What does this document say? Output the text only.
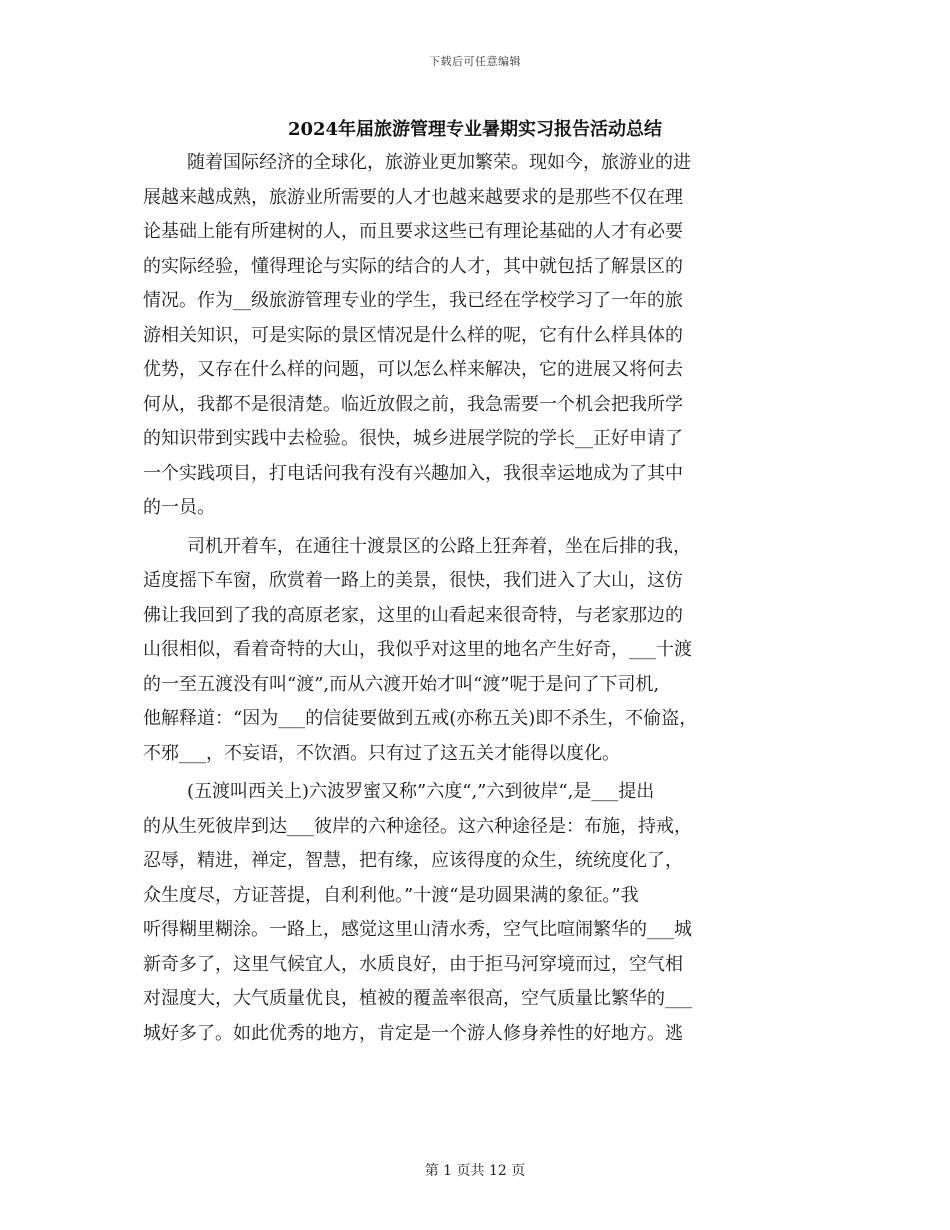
下载后可任意编辑
2024年届旅游管理专业暑期实习报告活动总结
随着国际经济的全球化，旅游业更加繁荣。现如今，旅游业的进
展越来越成熟，旅游业所需要的人才也越来越要求的是那些不仅在理
论基础上能有所建树的人，而且要求这些已有理论基础的人才有必要
的实际经验，懂得理论与实际的结合的人才，其中就包括了解景区的
情况。作为__级旅游管理专业的学生，我已经在学校学习了一年的旅
游相关知识，可是实际的景区情况是什么样的呢，它有什么样具体的
优势，又存在什么样的问题，可以怎么样来解决，它的进展又将何去
何从，我都不是很清楚。临近放假之前，我急需要一个机会把我所学
的知识带到实践中去检验。很快，城乡进展学院的学长__正好申请了
一个实践项目，打电话问我有没有兴趣加入，我很幸运地成为了其中
的一员。
司机开着车，在通往十渡景区的公路上狂奔着，坐在后排的我，
适度摇下车窗，欣赏着一路上的美景，很快，我们进入了大山，这仿
佛让我回到了我的高原老家，这里的山看起来很奇特，与老家那边的
山很相似，看着奇特的大山，我似乎对这里的地名产生好奇，___十渡
的一至五渡没有叫“渡”,而从六渡开始才叫“渡”呢于是问了下司机,
他解释道：“因为___的信徒要做到五戒(亦称五关)即不杀生，不偷盗，
不邪___，不妄语，不饮酒。只有过了这五关才能得以度化。
(五渡叫西关上)六波罗蜜又称”六度“,”六到彼岸“,是___提出
的从生死彼岸到达___彼岸的六种途径。这六种途径是：布施，持戒，
忍辱，精进，禅定，智慧，把有缘，应该得度的众生，统统度化了，
众生度尽，方证菩提，自利利他。”十渡“是功圆果满的象征。”我
听得糊里糊涂。一路上，感觉这里山清水秀，空气比喧闹繁华的___城
新奇多了，这里气候宜人，水质良好，由于拒马河穿境而过，空气相
对湿度大，大气质量优良，植被的覆盖率很高，空气质量比繁华的___
城好多了。如此优秀的地方，肯定是一个游人修身养性的好地方。逃
第 1 页共 12 页
